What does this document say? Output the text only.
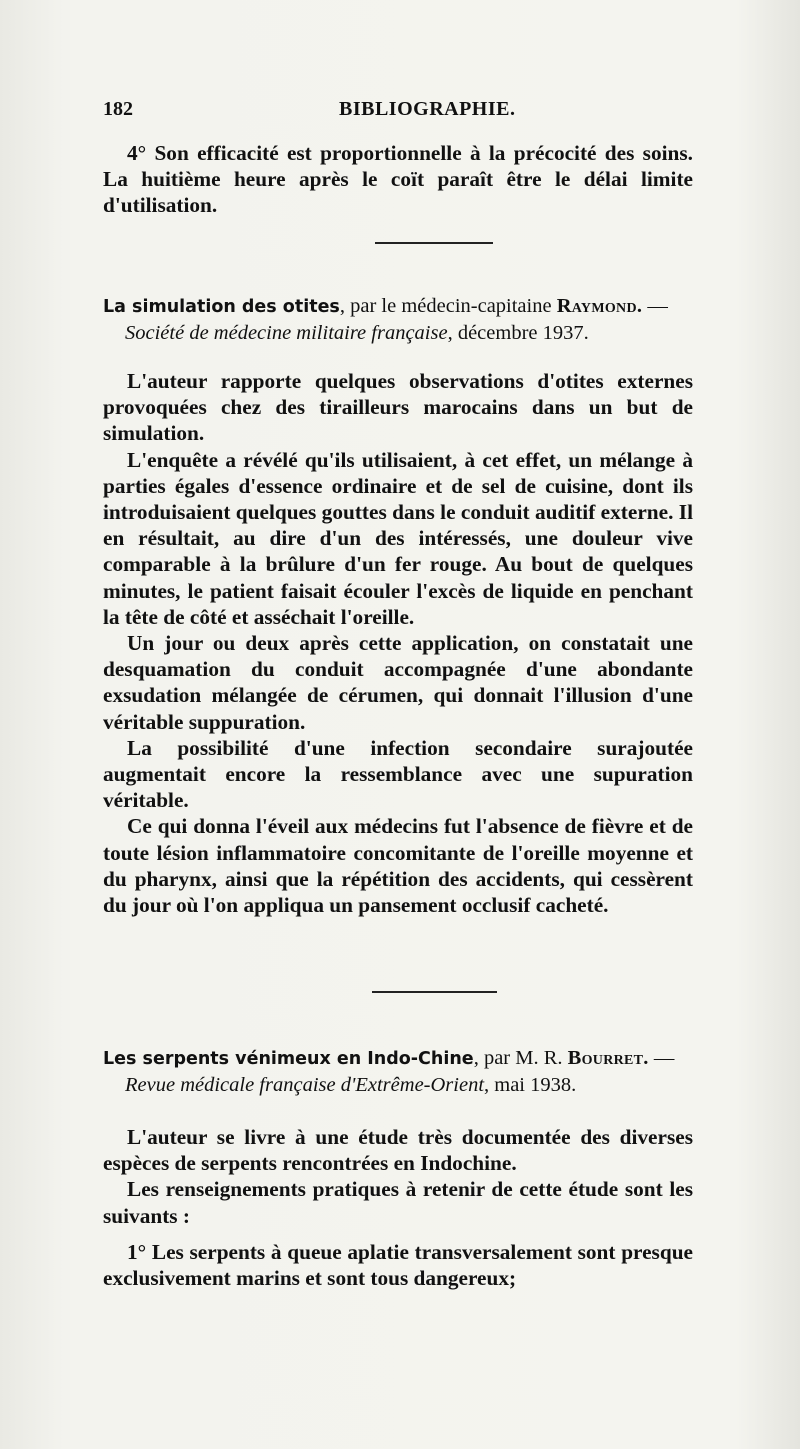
182	BIBLIOGRAPHIE.

4° Son efficacité est proportionnelle à la précocité des soins. La huitième heure après le coït paraît être le délai limite d'utilisation.

La simulation des otites, par le médecin-capitaine Raymond. —
Société de médecine militaire française, décembre 1937.

L'auteur rapporte quelques observations d'otites externes provoquées chez des tirailleurs marocains dans un but de simulation.

L'enquête a révélé qu'ils utilisaient, à cet effet, un mélange à parties égales d'essence ordinaire et de sel de cuisine, dont ils introduisaient quelques gouttes dans le conduit auditif externe. Il en résultait, au dire d'un des intéressés, une douleur vive comparable à la brûlure d'un fer rouge. Au bout de quelques minutes, le patient faisait écouler l'excès de liquide en penchant la tête de côté et asséchait l'oreille.

Un jour ou deux après cette application, on constatait une desquamation du conduit accompagnée d'une abondante exsudation mélangée de cérumen, qui donnait l'illusion d'une véritable suppuration.

La possibilité d'une infection secondaire surajoutée augmentait encore la ressemblance avec une supuration véritable.

Ce qui donna l'éveil aux médecins fut l'absence de fièvre et de toute lésion inflammatoire concomitante de l'oreille moyenne et du pharynx, ainsi que la répétition des accidents, qui cessèrent du jour où l'on appliqua un pansement occlusif cacheté.

Les serpents vénimeux en Indo-Chine, par M. R. Bourret. —
Revue médicale française d'Extrême-Orient, mai 1938.

L'auteur se livre à une étude très documentée des diverses espèces de serpents rencontrées en Indochine.

Les renseignements pratiques à retenir de cette étude sont les suivants :

1° Les serpents à queue aplatie transversalement sont presque exclusivement marins et sont tous dangereux;
